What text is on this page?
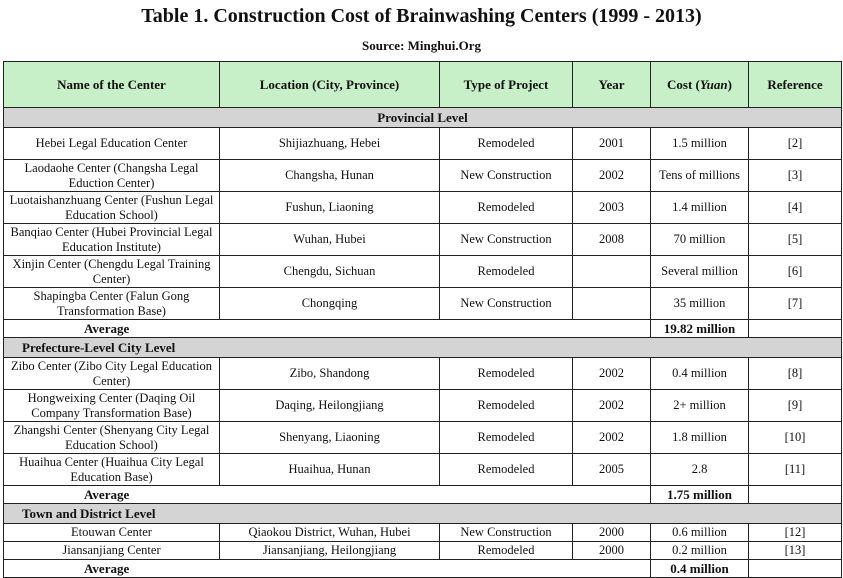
Table 1. Construction Cost of Brainwashing Centers (1999 - 2013)
Source: Minghui.Org
Name of the Center	Location (City, Province)	Type of Project	Year	Cost (Yuan)	Reference
Provincial Level					
Hebei Legal Education Center	Shijiazhuang, Hebei	Remodeled	2001	1.5 million	[2]
Laodaohe Center (Changsha Legal Eduction Center)	Changsha, Hunan	New Construction	2002	Tens of millions	[3]
Luotaishanzhuang Center (Fushun Legal Education School)	Fushun, Liaoning	Remodeled	2003	1.4 million	[4]
Banqiao Center (Hubei Provincial Legal Education Institute)	Wuhan, Hubei	New Construction	2008	70 million	[5]
Xinjin Center (Chengdu Legal Training Center)	Chengdu, Sichuan	Remodeled		Several million	[6]
Shapingba Center (Falun Gong Transformation Base)	Chongqing	New Construction		35 million	[7]
Average				19.82 million	
Prefecture-Level City Level					
Zibo Center (Zibo City Legal Education Center)	Zibo, Shandong	Remodeled	2002	0.4 million	[8]
Hongweixing Center (Daqing Oil Company Transformation Base)	Daqing, Heilongjiang	Remodeled	2002	2+ million	[9]
Zhangshi Center (Shenyang City Legal Education School)	Shenyang, Liaoning	Remodeled	2002	1.8 million	[10]
Huaihua Center (Huaihua City Legal Education Base)	Huaihua, Hunan	Remodeled	2005	2.8	[11]
Average				1.75 million	
Town and District Level					
Etouwan Center	Qiaokou District, Wuhan, Hubei	New Construction	2000	0.6 million	[12]
Jiansanjiang Center	Jiansanjiang, Heilongjiang	Remodeled	2000	0.2 million	[13]
Average				0.4 million	
